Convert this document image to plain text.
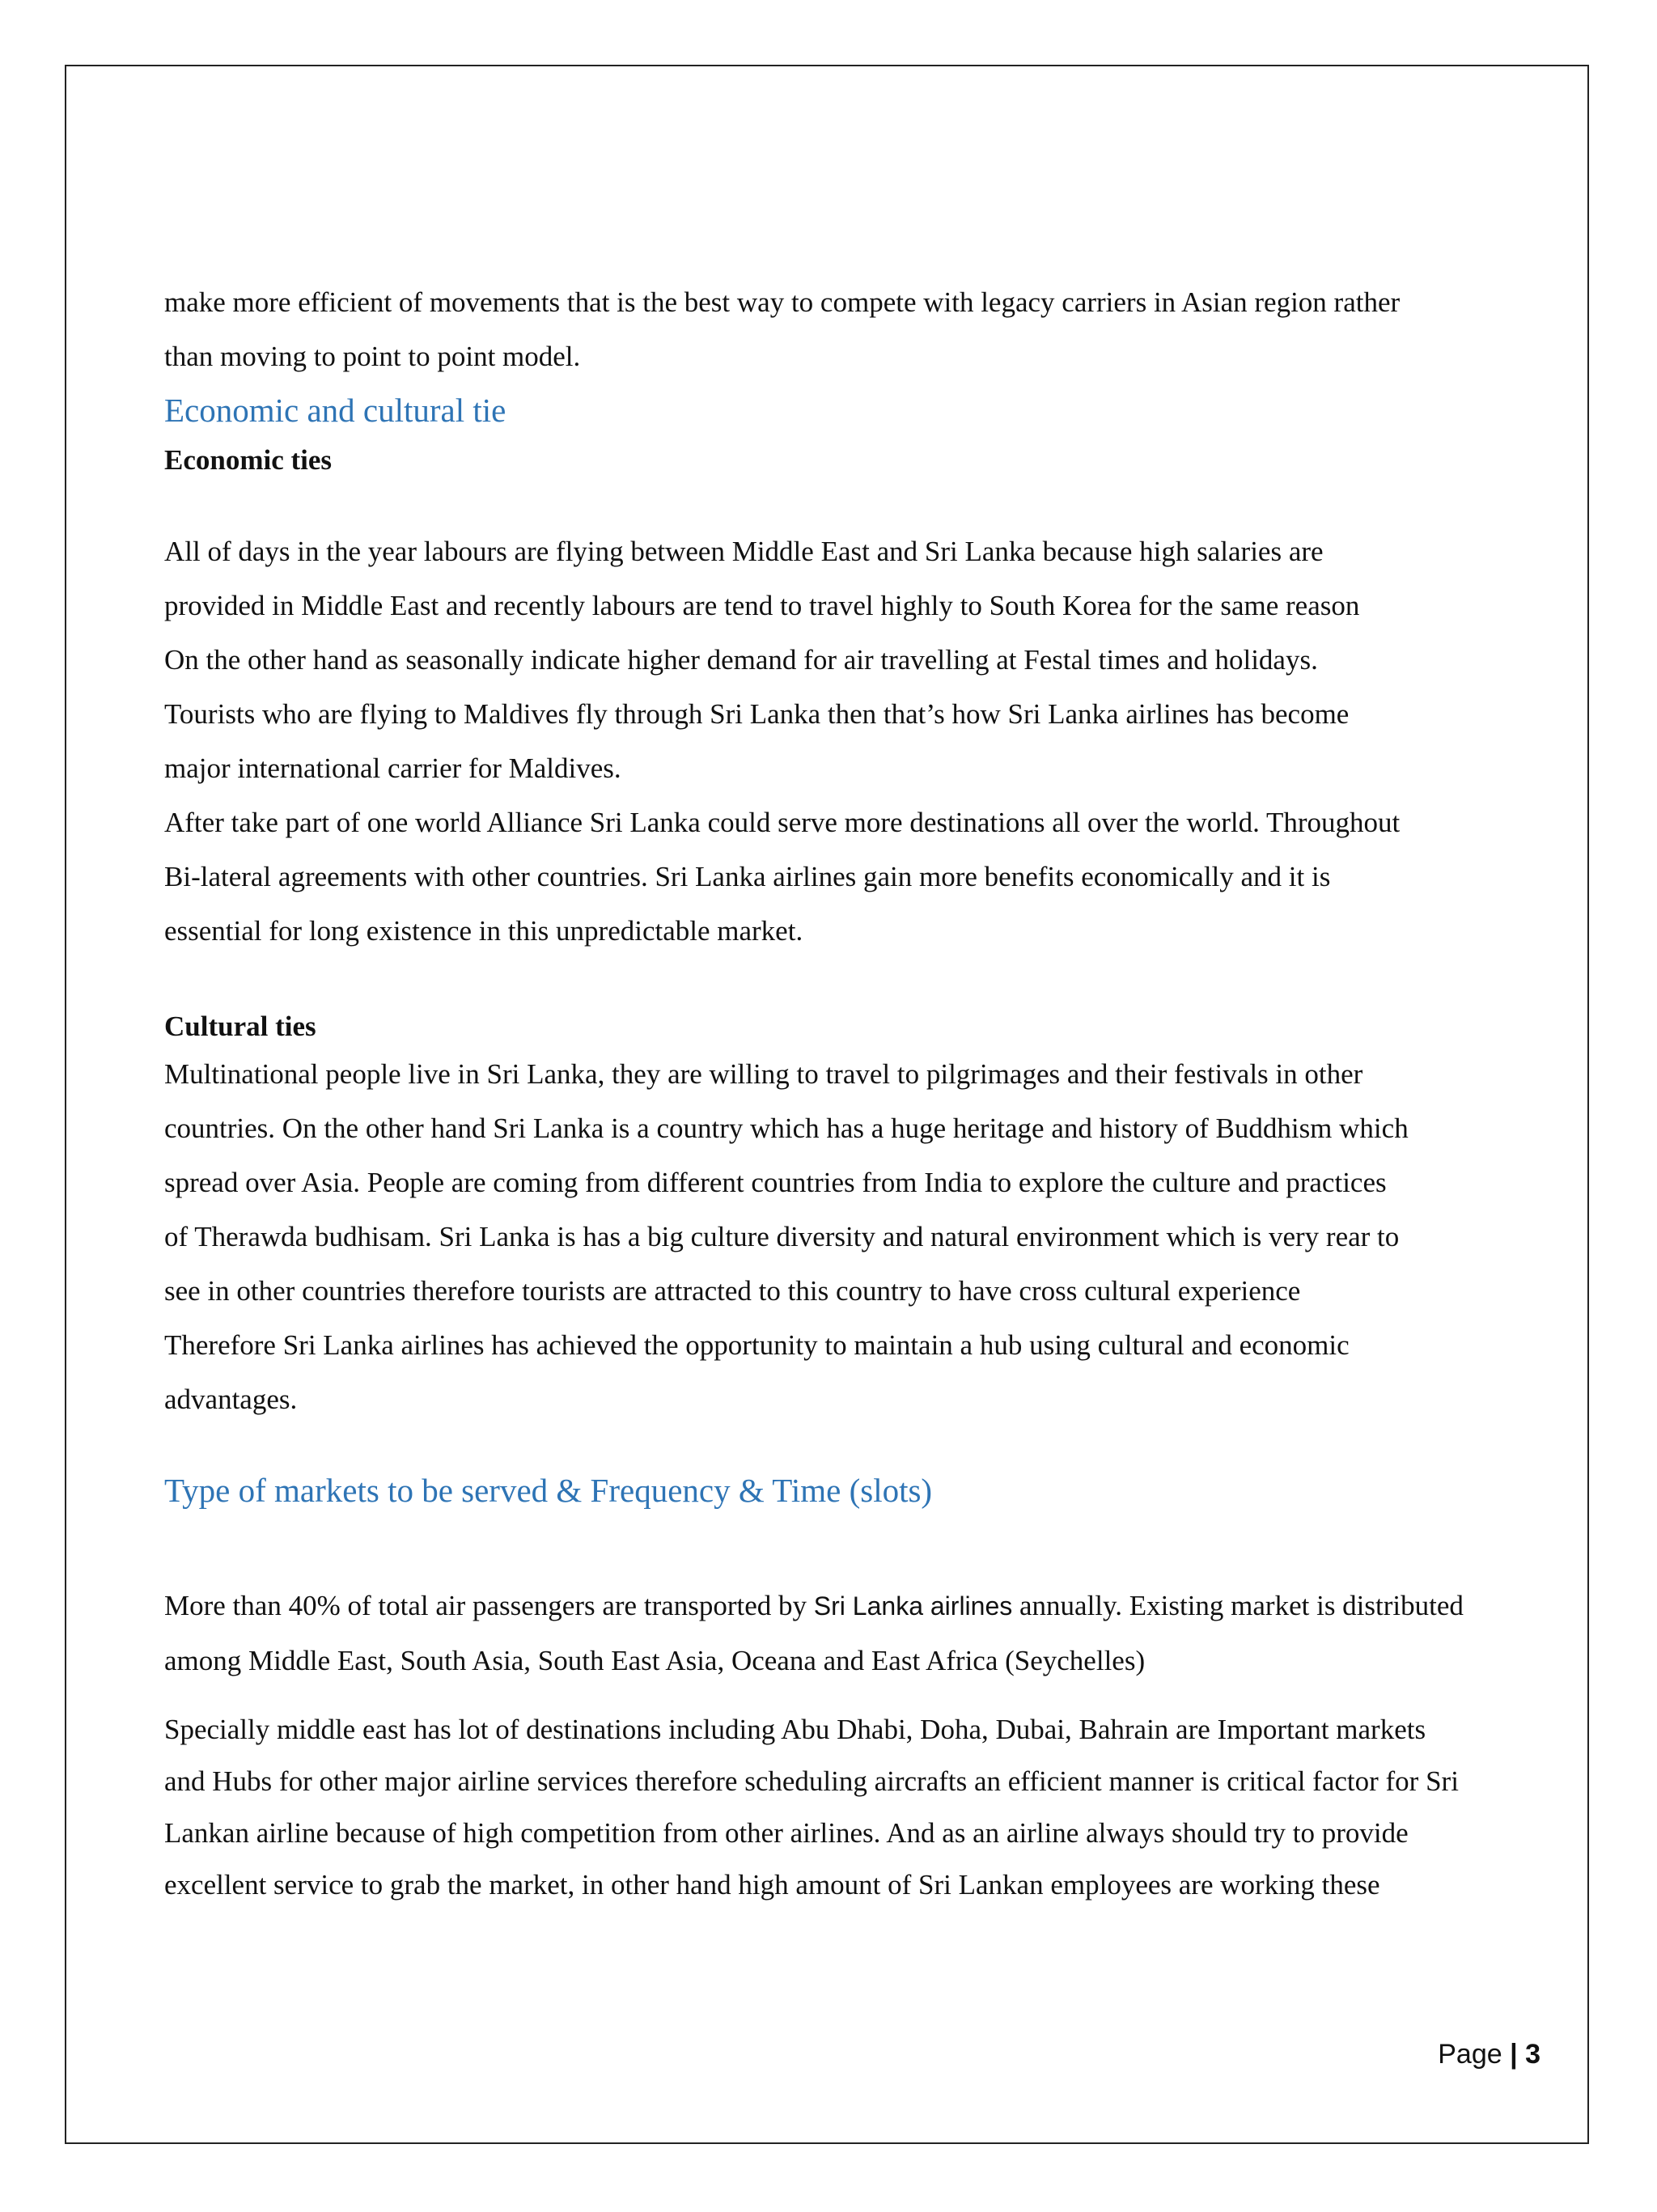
make more efficient of movements that is the best way to compete with legacy carriers in Asian region rather

than moving to point to point model.

Economic and cultural tie

Economic ties

All of days in the year labours are flying between Middle East and Sri Lanka because high salaries are

provided in Middle East and recently labours are tend to travel highly to South Korea for the same reason

On the other hand as seasonally indicate higher demand for air travelling at Festal times and holidays.

Tourists who are flying to Maldives fly through Sri Lanka then that’s how Sri Lanka airlines has become

major international carrier for Maldives.

After take part of one world Alliance Sri Lanka could serve more destinations all over the world. Throughout

Bi-lateral agreements with other countries. Sri Lanka airlines gain more benefits economically and it is

essential for long existence in this unpredictable market.

Cultural ties

Multinational people live in Sri Lanka, they are willing to travel to pilgrimages and their festivals in other

countries. On the other hand Sri Lanka is a country which has a huge heritage and history of Buddhism which

spread over Asia. People are coming from different countries from India to explore the culture and practices

of Therawda budhisam. Sri Lanka is has a big culture diversity and natural environment which is very rear to

see in other countries therefore tourists are attracted to this country to have cross cultural experience

Therefore Sri Lanka airlines has achieved the opportunity to maintain a hub using cultural and economic

advantages.

Type of markets to be served & Frequency & Time (slots)

More than 40% of total air passengers are transported by Sri Lanka airlines annually. Existing market is distributed

among Middle East, South Asia, South East Asia, Oceana and East Africa (Seychelles)

Specially middle east has lot of destinations including Abu Dhabi, Doha, Dubai, Bahrain are Important markets

and Hubs for other major airline services therefore scheduling aircrafts an efficient manner is critical factor for Sri

Lankan airline because of high competition from other airlines. And as an airline always should try to provide

excellent service to grab the market, in other hand high amount of Sri Lankan employees are working these

Page | 3
